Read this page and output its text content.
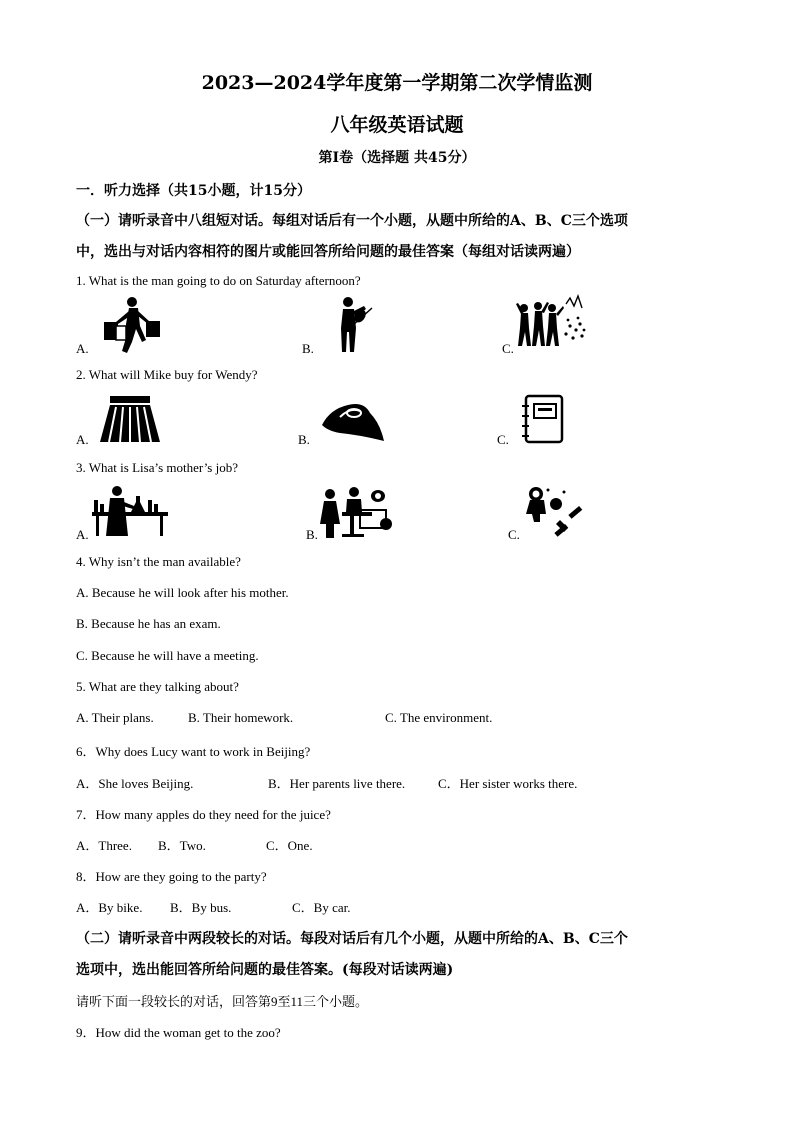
2023—2024学年度第一学期第二次学情监测
八年级英语试题
第Ⅰ卷（选择题 共45分）
一．听力选择（共15小题，计15分）
（一）请听录音中八组短对话。每组对话后有一个小题，从题中所给的A、B、C三个选项
中，选出与对话内容相符的图片或能回答所给问题的最佳答案（每组对话读两遍）
1. What is the man going to do on Saturday afternoon?
A.	B.	C.
2. What will Mike buy for Wendy?
A.	B.	C.
3. What is Lisa’s mother’s job?
A.	B.	C.
4. Why isn’t the man available?
A. Because he will look after his mother.
B. Because he has an exam.
C. Because he will have a meeting.
5. What are they talking about?
A. Their plans.	B. Their homework.	C. The environment.
6．Why does Lucy want to work in Beijing?
A．She loves Beijing.	B．Her parents live there.	C．Her sister works there.
7．How many apples do they need for the juice?
A．Three. B．Two.	C．One.
8．How are they going to the party?
A．By bike. B．By bus.	C．By car.
（二）请听录音中两段较长的对话。每段对话后有几个小题，从题中所给的A、B、C三个
选项中，选出能回答所给问题的最佳答案。(每段对话读两遍)
请听下面一段较长的对话，回答第9至11三个小题。
9．How did the woman get to the zoo?
